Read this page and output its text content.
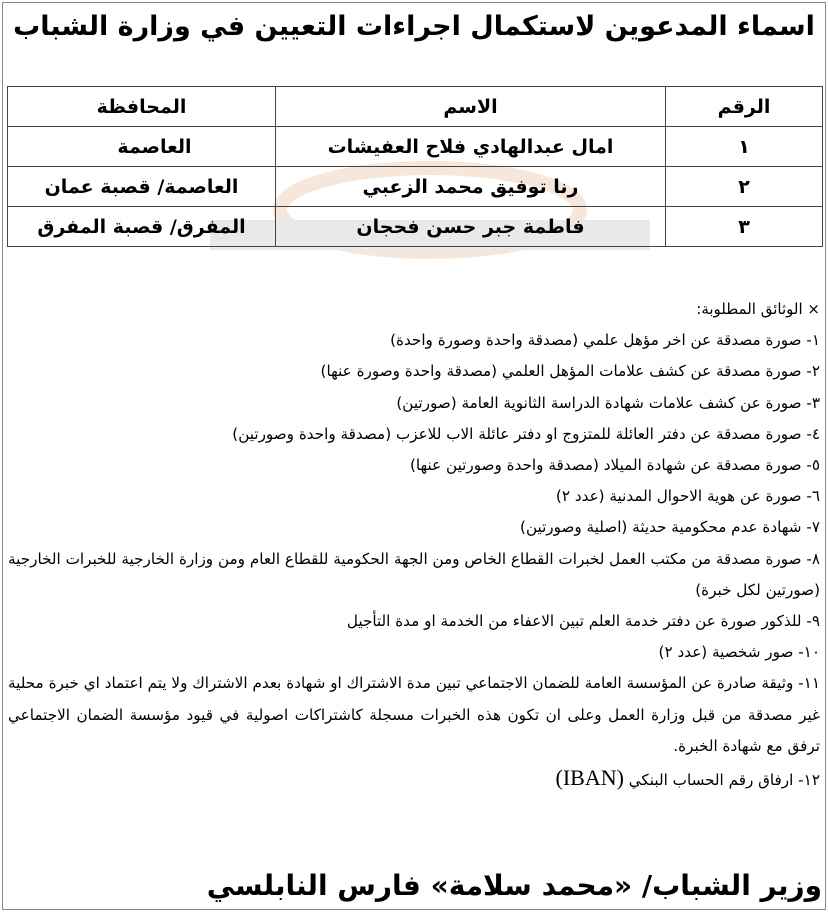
اسماء المدعوين لاستكمال اجراءات التعيين في وزارة الشباب
الرقم	الاسم	المحافظة
١	امال عبدالهادي فلاح العفيشات	العاصمة
٢	رنا توفيق محمد الزعبي	العاصمة/ قصبة عمان
٣	فاطمة جبر حسن فحجان	المفرق/ قصبة المفرق
× الوثائق المطلوبة:
١- صورة مصدقة عن اخر مؤهل علمي (مصدقة واحدة وصورة واحدة)
٢- صورة مصدقة عن كشف علامات المؤهل العلمي (مصدقة واحدة وصورة عنها)
٣- صورة عن كشف علامات شهادة الدراسة الثانوية العامة (صورتين)
٤- صورة مصدقة عن دفتر العائلة للمتزوج او دفتر عائلة الاب للاعزب (مصدقة واحدة وصورتين)
٥- صورة مصدقة عن شهادة الميلاد (مصدقة واحدة وصورتين عنها)
٦- صورة عن هوية الاحوال المدنية (عدد ٢)
٧- شهادة عدم محكومية حديثة (اصلية وصورتين)
٨- صورة مصدقة من مكتب العمل لخبرات القطاع الخاص ومن الجهة الحكومية للقطاع العام ومن وزارة الخارجية للخبرات الخارجية (صورتين لكل خبرة)
٩- للذكور صورة عن دفتر خدمة العلم تبين الاعفاء من الخدمة او مدة التأجيل
١٠- صور شخصية (عدد ٢)
١١- وثيقة صادرة عن المؤسسة العامة للضمان الاجتماعي تبين مدة الاشتراك او شهادة بعدم الاشتراك ولا يتم اعتماد اي خبرة محلية غير مصدقة من قبل وزارة العمل وعلى ان تكون هذه الخبرات مسجلة كاشتراكات اصولية في قيود مؤسسة الضمان الاجتماعي ترفق مع شهادة الخبرة.
١٢- ارفاق رقم الحساب البنكي (IBAN)
وزير الشباب/ «محمد سلامة» فارس النابلسي
